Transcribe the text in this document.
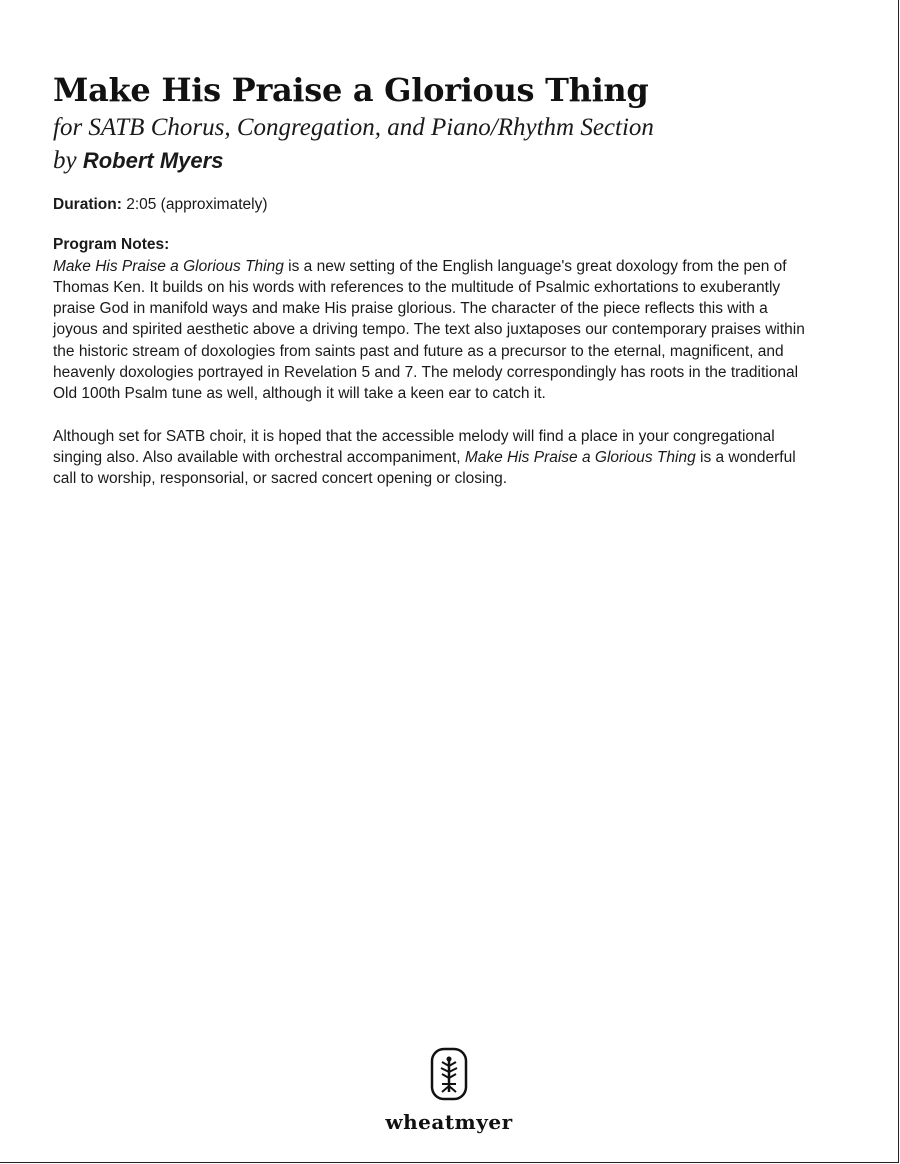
Make His Praise a Glorious Thing

for SATB Chorus, Congregation, and Piano/Rhythm Section

by Robert Myers

Duration: 2:05 (approximately)
Program Notes:

Make His Praise a Glorious Thing is a new setting of the English language's great doxology from the pen of Thomas Ken. It builds on his words with references to the multitude of Psalmic exhortations to exuberantly praise God in manifold ways and make His praise glorious. The character of the piece reflects this with a joyous and spirited aesthetic above a driving tempo. The text also juxtaposes our contemporary praises within the historic stream of doxologies from saints past and future as a precursor to the eternal, magnificent, and heavenly doxologies portrayed in Revelation 5 and 7. The melody correspondingly has roots in the traditional Old 100th Psalm tune as well, although it will take a keen ear to catch it.

Although set for SATB choir, it is hoped that the accessible melody will find a place in your congregational singing also. Also available with orchestral accompaniment, Make His Praise a Glorious Thing is a wonderful call to worship, responsorial, or sacred concert opening or closing.

wheatmyer
